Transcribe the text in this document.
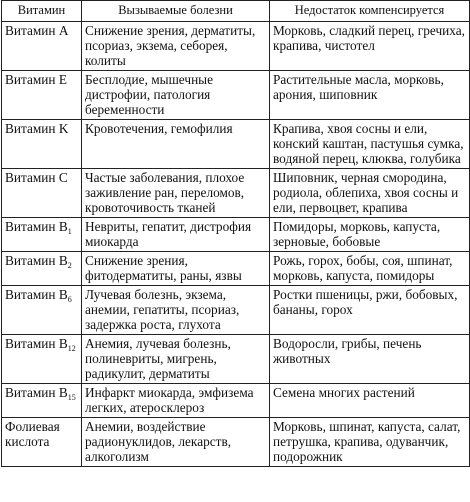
Витамин	Вызываемые болезни	Недостаток компенсируется
Витамин A	Снижение зрения, дерматиты, псориаз, экзема, себорея, колиты	Морковь, сладкий перец, гречиха, крапива, чистотел
Витамин E	Бесплодие, мышечные дистрофии, патология беременности	Растительные масла, морковь, арония, шиповник
Витамин K	Кровотечения, гемофилия	Крапива, хвоя сосны и ели, конский каштан, пастушья сумка, водяной перец, клюква, голубика
Витамин C	Частые заболевания, плохое заживление ран, переломов, кровоточивость тканей	Шиповник, черная смородина, родиола, облепиха, хвоя сосны и ели, первоцвет, крапива
Витамин $B_1$	Невриты, гепатит, дистрофия миокарда	Помидоры, морковь, капуста, зерновые, бобовые
Витамин $B_2$	Снижение зрения, фитодерматиты, раны, язвы	Рожь, горох, бобы, соя, шпинат, морковь, капуста, помидоры
Витамин $B_6$	Лучевая болезнь, экзема, анемии, гепатиты, псориаз, задержка роста, глухота	Ростки пшеницы, ржи, бобовых, бананы, горох
Витамин $B_{12}$	Анемия, лучевая болезнь, полиневриты, мигрень, радикулит, дерматиты	Водоросли, грибы, печень животных
Витамин $B_{15}$	Инфаркт миокарда, эмфизема легких, атеросклероз	Семена многих растений
Фолиевая кислота	Анемии, воздействие радионуклидов, лекарств, алкоголизм	Морковь, шпинат, капуста, салат, петрушка, крапива, одуванчик, подорожник
